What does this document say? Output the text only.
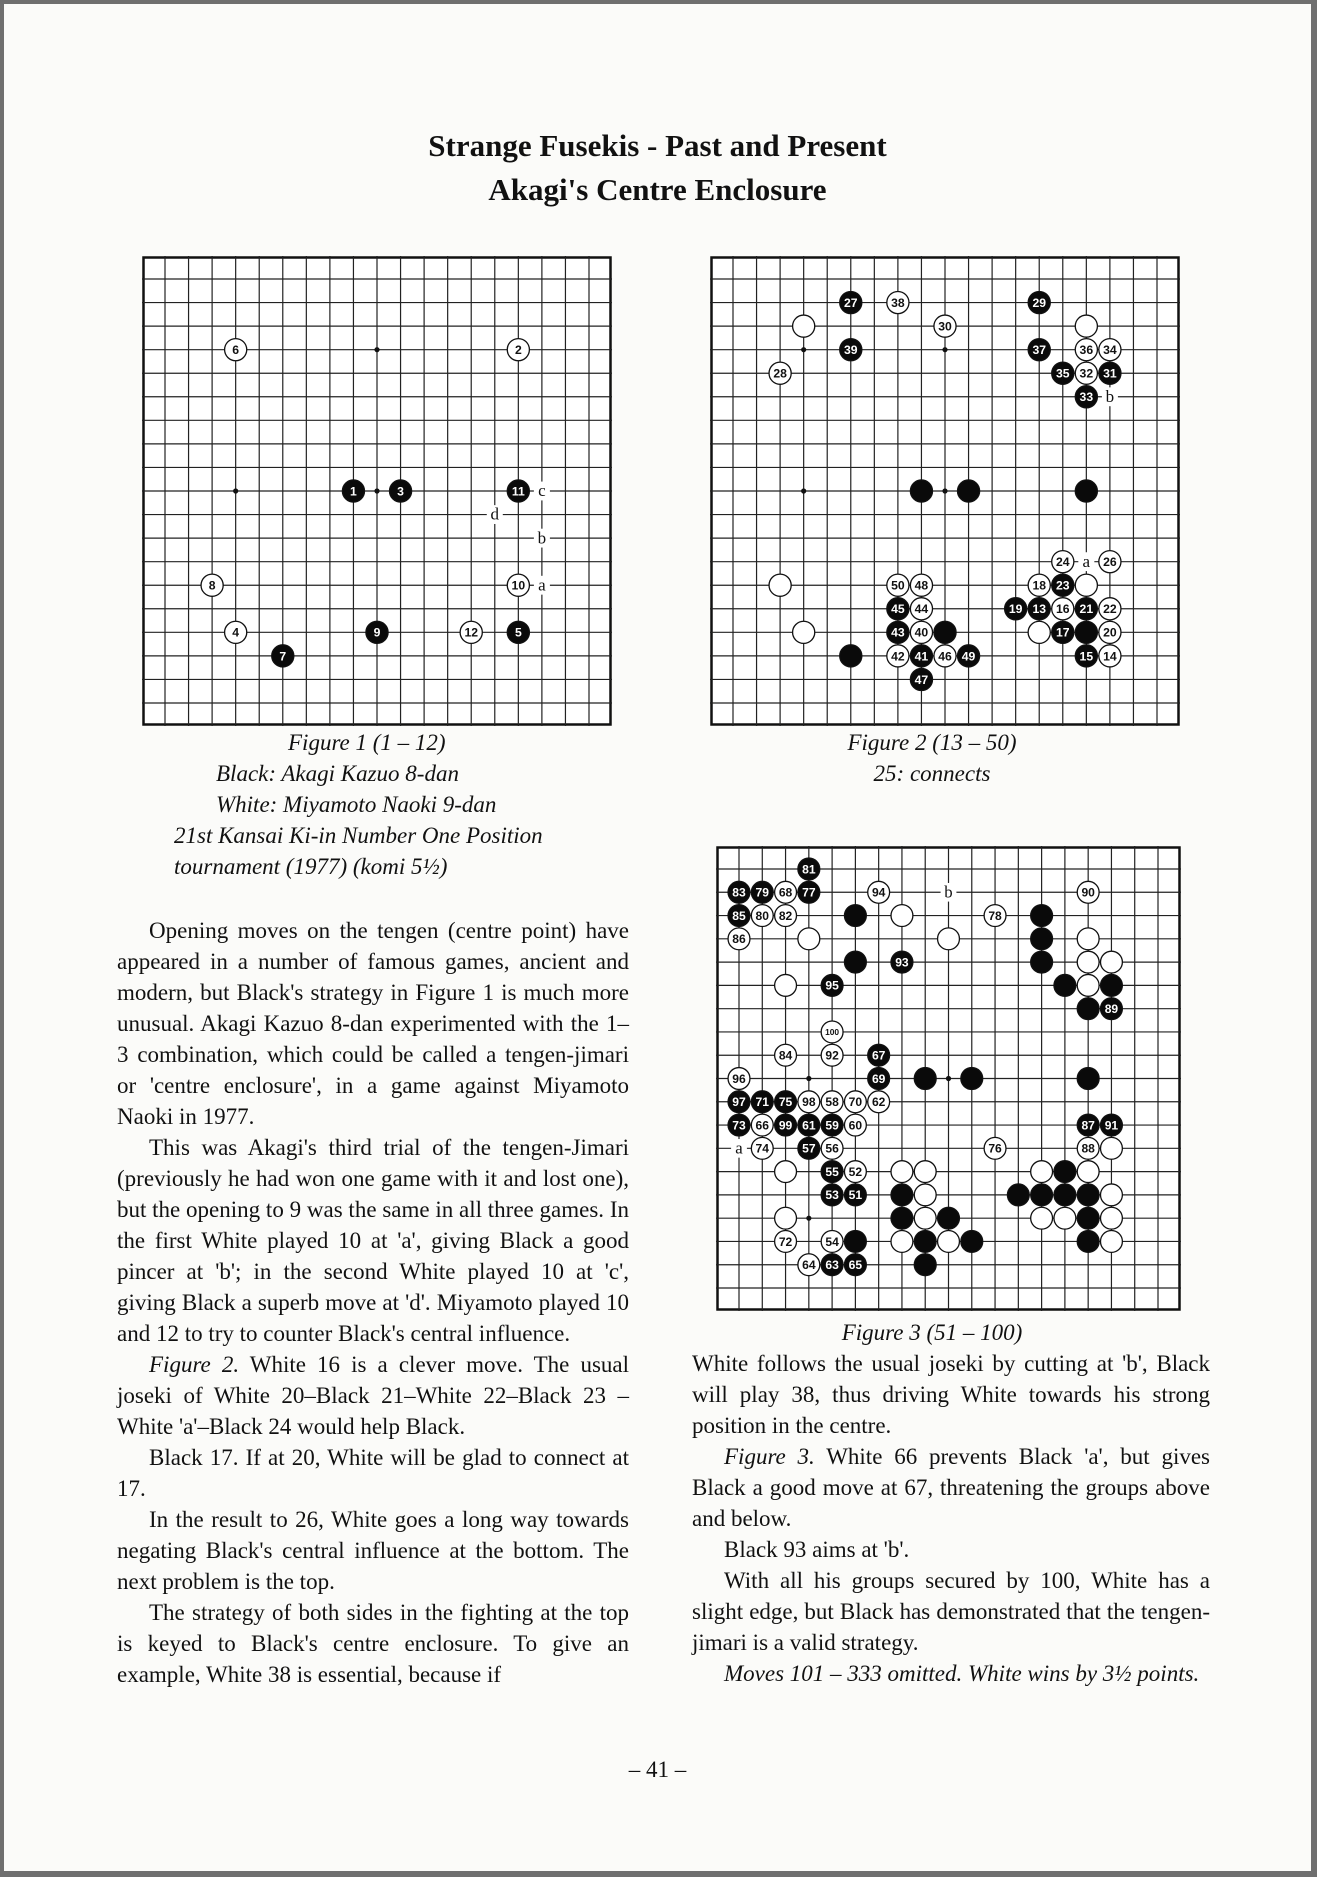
Strange Fusekis - Past and Present
Akagi's Centre Enclosure
6	2
1	3	11
8	10
4	9	12	5
7
c
d
b
a
27	38	29
30
39	37	36 34
28	35 32 31
33
24	26
50 48	18 23
45 44	19 13 16 21 22
43 40	17	20
42 41 46 49	15 14
47
b
a
81
83 79 68 77	94	90
85 80 82	78
86
93
95
89
100
84	92	67
96	69
97 71 75 98 58 70 62
73 66 99 61 59 60	87 91
74	57 56	76	88
55 52
53 51
72	54
64 63 65
b
a
Figure 1 (1 – 12)
Black: Akagi Kazuo 8-dan
White: Miyamoto Naoki 9-dan
21st Kansai Ki-in Number One Position
tournament (1977) (komi 5½)
Figure 2 (13 – 50)
25: connects
Figure 3 (51 – 100)

Opening moves on the tengen (centre point) have appeared in a number of famous games, ancient and modern, but Black's strategy in Figure 1 is much more unusual. Akagi Kazuo 8-dan experimented with the 1–3 combination, which could be called a tengen-jimari or 'centre enclosure', in a game against Miyamoto Naoki in 1977.

This was Akagi's third trial of the tengen-Jimari (previously he had won one game with it and lost one), but the opening to 9 was the same in all three games. In the first White played 10 at 'a', giving Black a good pincer at 'b'; in the second White played 10 at 'c', giving Black a superb move at 'd'. Miyamoto played 10 and 12 to try to counter Black's central influence.

Figure 2. White 16 is a clever move. The usual joseki of White 20–Black 21–White 22–Black 23 –White 'a'–Black 24 would help Black.

Black 17. If at 20, White will be glad to connect at 17.

In the result to 26, White goes a long way towards negating Black's central influence at the bottom. The next problem is the top.

The strategy of both sides in the fighting at the top is keyed to Black's centre enclosure. To give an example, White 38 is essential, because if

White follows the usual joseki by cutting at 'b', Black will play 38, thus driving White towards his strong position in the centre.

Figure 3. White 66 prevents Black 'a', but gives Black a good move at 67, threatening the groups above and below.

Black 93 aims at 'b'.

With all his groups secured by 100, White has a slight edge, but Black has demonstrated that the tengen-jimari is a valid strategy.

Moves 101 – 333 omitted. White wins by 3½ points.

– 41 –
